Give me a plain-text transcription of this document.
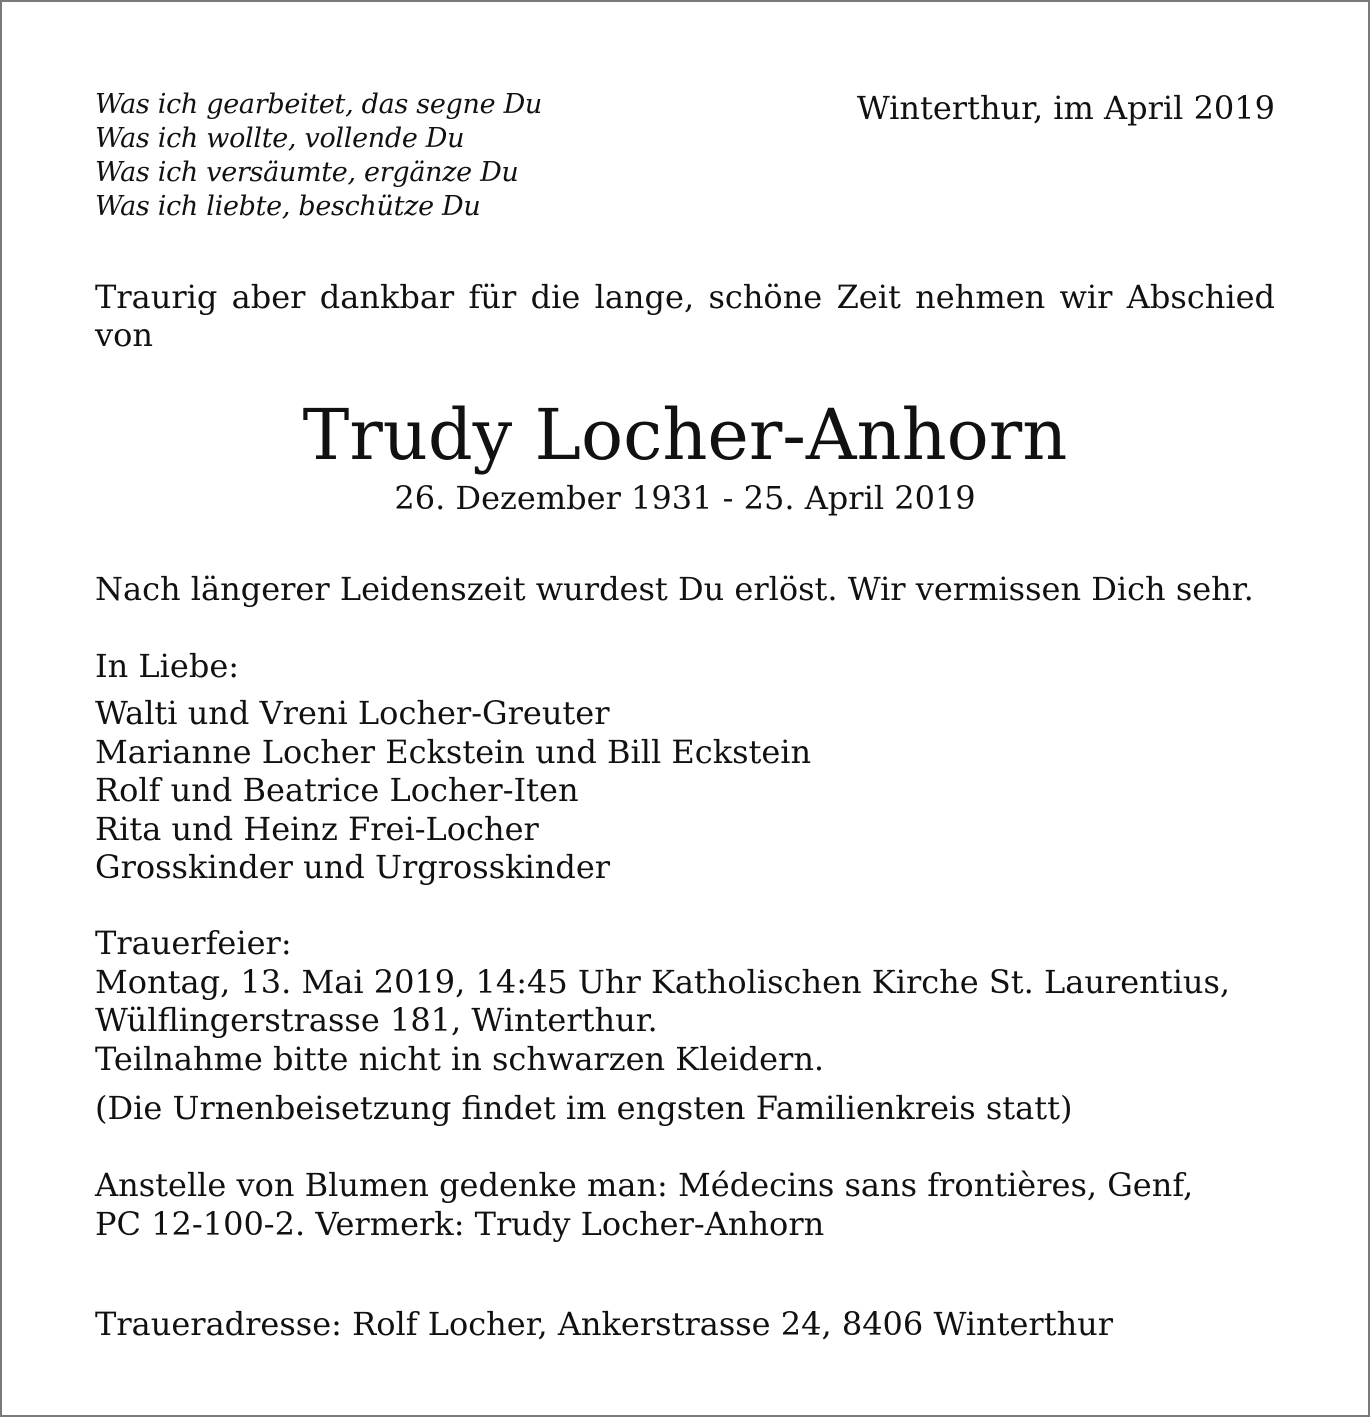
Was ich gearbeitet, das segne Du
Was ich wollte, vollende Du
Was ich versäumte, ergänze Du
Was ich liebte, beschütze Du
Winterthur, im April 2019
Traurig aber dankbar für die lange, schöne Zeit nehmen wir Abschied von
Trudy Locher-Anhorn
26. Dezember 1931 - 25. April 2019
Nach längerer Leidenszeit wurdest Du erlöst. Wir vermissen Dich sehr.
In Liebe:
Walti und Vreni Locher-Greuter
Marianne Locher Eckstein und Bill Eckstein
Rolf und Beatrice Locher-Iten
Rita und Heinz Frei-Locher
Grosskinder und Urgrosskinder
Trauerfeier:
Montag, 13. Mai 2019, 14:45 Uhr Katholischen Kirche St. Laurentius,
Wülflingerstrasse 181, Winterthur.
Teilnahme bitte nicht in schwarzen Kleidern.
(Die Urnenbeisetzung findet im engsten Familienkreis statt)
Anstelle von Blumen gedenke man: Médecins sans frontières, Genf,
PC 12-100-2. Vermerk: Trudy Locher-Anhorn
Traueradresse: Rolf Locher, Ankerstrasse 24, 8406 Winterthur
